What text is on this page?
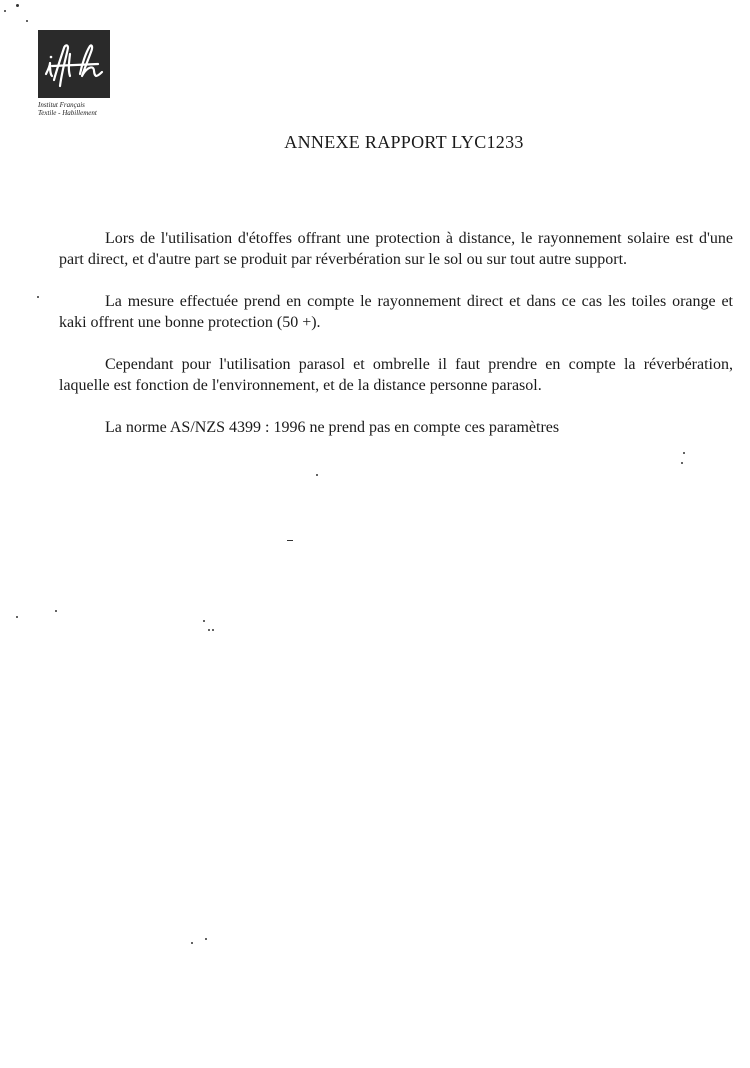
Institut Français
Textile - Habillement
ANNEXE RAPPORT LYC1233

Lors de l'utilisation d'étoffes offrant une protection à distance, le rayonnement solaire est d'une part direct, et d'autre part se produit par réverbération sur le sol ou sur tout autre support.

La mesure effectuée prend en compte le rayonnement direct et dans ce cas les toiles orange et kaki offrent une bonne protection (50 +).

Cependant pour l'utilisation parasol et ombrelle il faut prendre en compte la réverbération, laquelle est fonction de l'environnement, et de la distance personne parasol.

La norme AS/NZS 4399 : 1996 ne prend pas en compte ces paramètres
